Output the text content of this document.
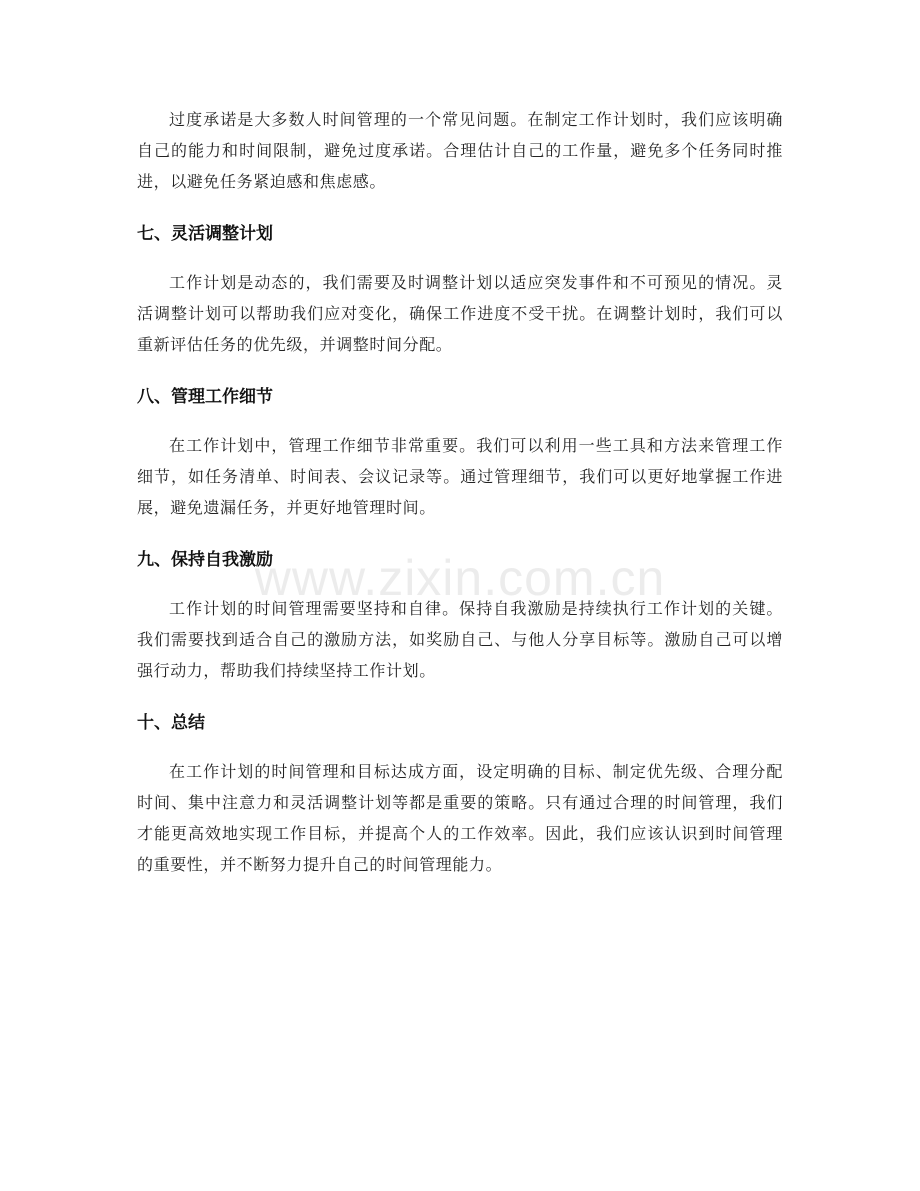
过度承诺是大多数人时间管理的一个常见问题。在制定工作计划时，我们应该明确自己的能力和时间限制，避免过度承诺。合理估计自己的工作量，避免多个任务同时推进，以避免任务紧迫感和焦虑感。

七、灵活调整计划

工作计划是动态的，我们需要及时调整计划以适应突发事件和不可预见的情况。灵活调整计划可以帮助我们应对变化，确保工作进度不受干扰。在调整计划时，我们可以重新评估任务的优先级，并调整时间分配。

八、管理工作细节

在工作计划中，管理工作细节非常重要。我们可以利用一些工具和方法来管理工作细节，如任务清单、时间表、会议记录等。通过管理细节，我们可以更好地掌握工作进展，避免遗漏任务，并更好地管理时间。

九、保持自我激励

工作计划的时间管理需要坚持和自律。保持自我激励是持续执行工作计划的关键。我们需要找到适合自己的激励方法，如奖励自己、与他人分享目标等。激励自己可以增强行动力，帮助我们持续坚持工作计划。

十、总结

在工作计划的时间管理和目标达成方面，设定明确的目标、制定优先级、合理分配时间、集中注意力和灵活调整计划等都是重要的策略。只有通过合理的时间管理，我们才能更高效地实现工作目标，并提高个人的工作效率。因此，我们应该认识到时间管理的重要性，并不断努力提升自己的时间管理能力。

www.zixin.com.cn
